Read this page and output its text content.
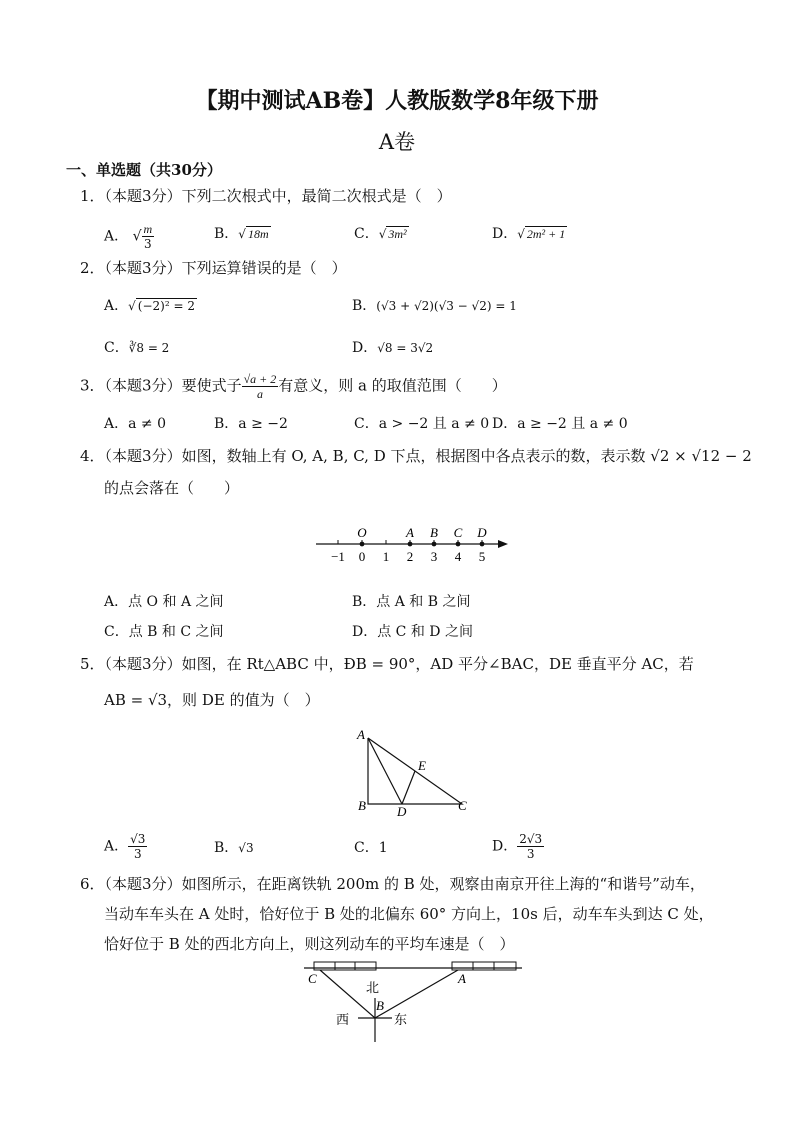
【期中测试AB卷】人教版数学8年级下册
A卷
一、单选题（共30分）
1．（本题3分）下列二次根式中，最简二次根式是（　）
A． √ $\frac{m}{3}$	B．√ 18m	C．√ 3m²	D．√ 2m² + 1
2．（本题3分）下列运算错误的是（　）
A．√ (−2)² = 2	B．(√3 + √2)(√3 − √2) = 1
C．∛8 = 2	D．√8 = 3√2
3．（本题3分）要使式子 $\frac{√a + 2}{a}$ 有意义，则 a 的取值范围（　　）
A．a ≠ 0	B．a ≥ −2	C．a > −2 且 a ≠ 0 D．a ≥ −2 且 a ≠ 0
4．（本题3分）如图，数轴上有 O, A, B, C, D 下点，根据图中各点表示的数，表示数 √2 × √12 − 2
的点会落在（　　）
−1 0 1 2 3 4 5
O	A B C D
A．点 O 和 A 之间	B．点 A 和 B 之间
C．点 B 和 C 之间	D．点 C 和 D 之间
5．（本题3分）如图，在 Rt△ABC 中，ÐB = 90°，AD 平分∠BAC，DE 垂直平分 AC，若
AB = √3，则 DE 的值为（　）
A
B	C
D
E
A． $\frac{√3}{3}$	B．√3	C．1	D． $\frac{2√3}{3}$
6．（本题3分）如图所示，在距离铁轨 200m 的 B 处，观察由南京开往上海的“和谐号”动车，
当动车车头在 A 处时，恰好位于 B 处的北偏东 60° 方向上，10s 后，动车车头到达 C 处，
恰好位于 B 处的西北方向上，则这列动车的平均车速是（　）
C	A
北
B
西	东
